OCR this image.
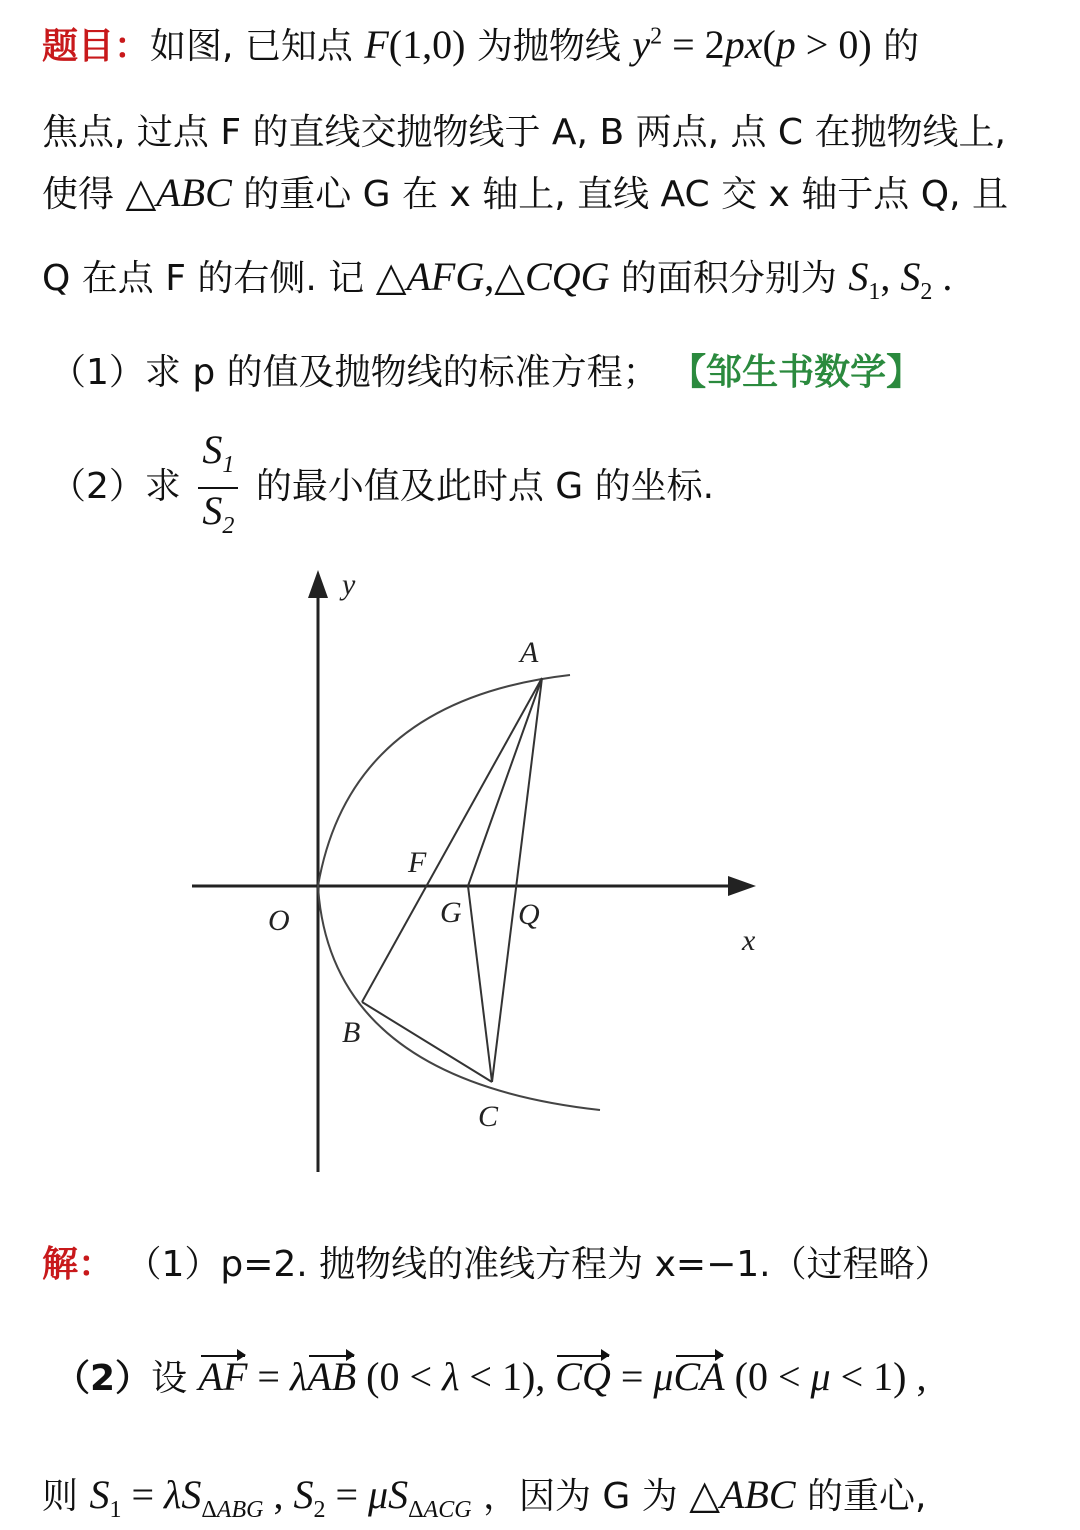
题目：如图, 已知点 F(1,0) 为抛物线 $y^2 = 2px(p > 0)$ 的
焦点, 过点 F 的直线交抛物线于 A, B 两点, 点 C 在抛物线上,
使得 △ABC 的重心 G 在 x 轴上, 直线 AC 交 x 轴于点 Q, 且
Q 在点 F 的右侧. 记 △AFG,△CQG 的面积分别为 $S_1$, $S_2$ .
（1）求 p 的值及抛物线的标准方程； 【邹生书数学】
（2）求 $\frac{S_1}{S_2}$ 的最小值及此时点 G 的坐标.
y
x
O
A
B
C
F
G Q
解： （1）p=2. 抛物线的准线方程为 x=−1.（过程略）
（2）设 AF = λAB (0 < λ < 1), CQ = μCA (0 < μ < 1) ,
则 $S_1 = \lambda S_{\Delta ABG}$ , $S_2 = \mu S_{\Delta ACG}$ ，因为 G 为 △ABC 的重心,
